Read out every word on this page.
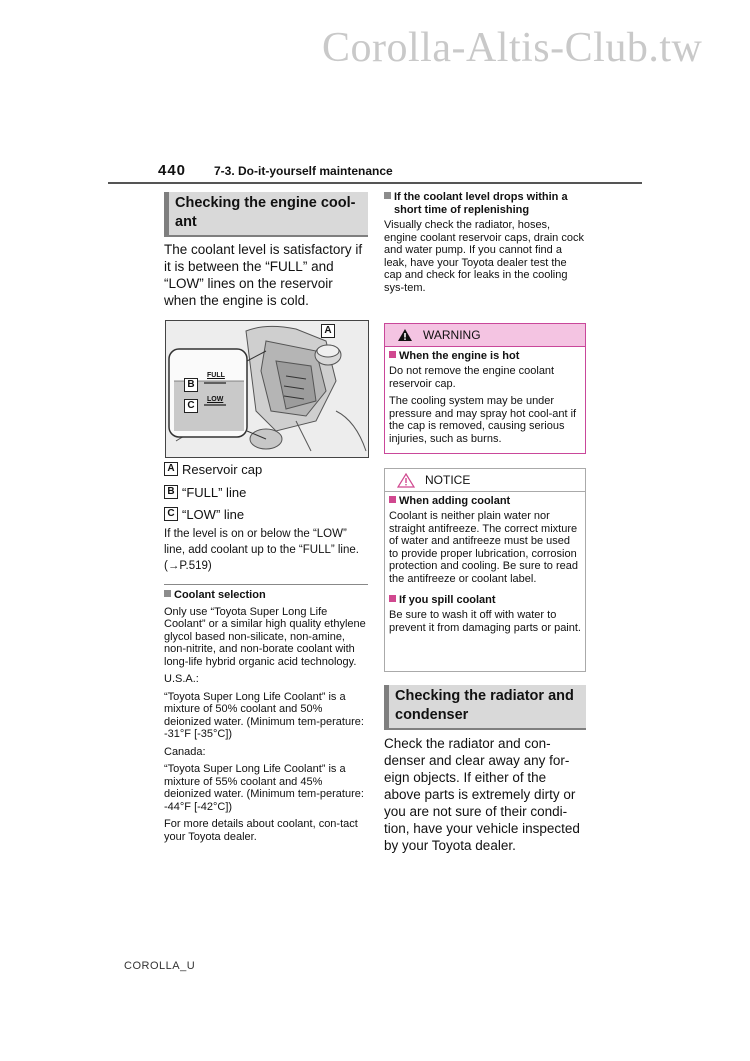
Corolla-Altis-Club.tw
440 7-3. Do-it-yourself maintenance
Checking the engine cool-ant
The coolant level is satisfactory if it is between the “FULL” and “LOW” lines on the reservoir when the engine is cold.
FULL
LOW
B
C
A
A Reservoir cap
B “FULL” line
C “LOW” line
If the level is on or below the “LOW” line, add coolant up to the “FULL” line. (→P.519)
Coolant selection

Only use “Toyota Super Long Life Coolant” or a similar high quality ethylene glycol based non-silicate, non-amine, non-nitrite, and non-borate coolant with long-life hybrid organic acid technology.

U.S.A.:

“Toyota Super Long Life Coolant” is a mixture of 50% coolant and 50% deionized water. (Minimum tem-perature: -31°F [-35°C])

Canada:

“Toyota Super Long Life Coolant” is a mixture of 55% coolant and 45% deionized water. (Minimum tem-perature: -44°F [-42°C])

For more details about coolant, con-tact your Toyota dealer.

If the coolant level drops within a short time of replenishing
Visually check the radiator, hoses, engine coolant reservoir caps, drain cock and water pump. If you cannot find a leak, have your Toyota dealer test the cap and check for leaks in the cooling sys-tem.
WARNING
When the engine is hot
Do not remove the engine coolant reservoir cap.
The cooling system may be under pressure and may spray hot cool-ant if the cap is removed, causing serious injuries, such as burns.
NOTICE
When adding coolant
Coolant is neither plain water nor straight antifreeze. The correct mixture of water and antifreeze must be used to provide proper lubrication, corrosion protection and cooling. Be sure to read the antifreeze or coolant label.
If you spill coolant
Be sure to wash it off with water to prevent it from damaging parts or paint.
Checking the radiator and condenser
Check the radiator and con-denser and clear away any for-eign objects. If either of the above parts is extremely dirty or you are not sure of their condi-tion, have your vehicle inspected by your Toyota dealer.
COROLLA_U
